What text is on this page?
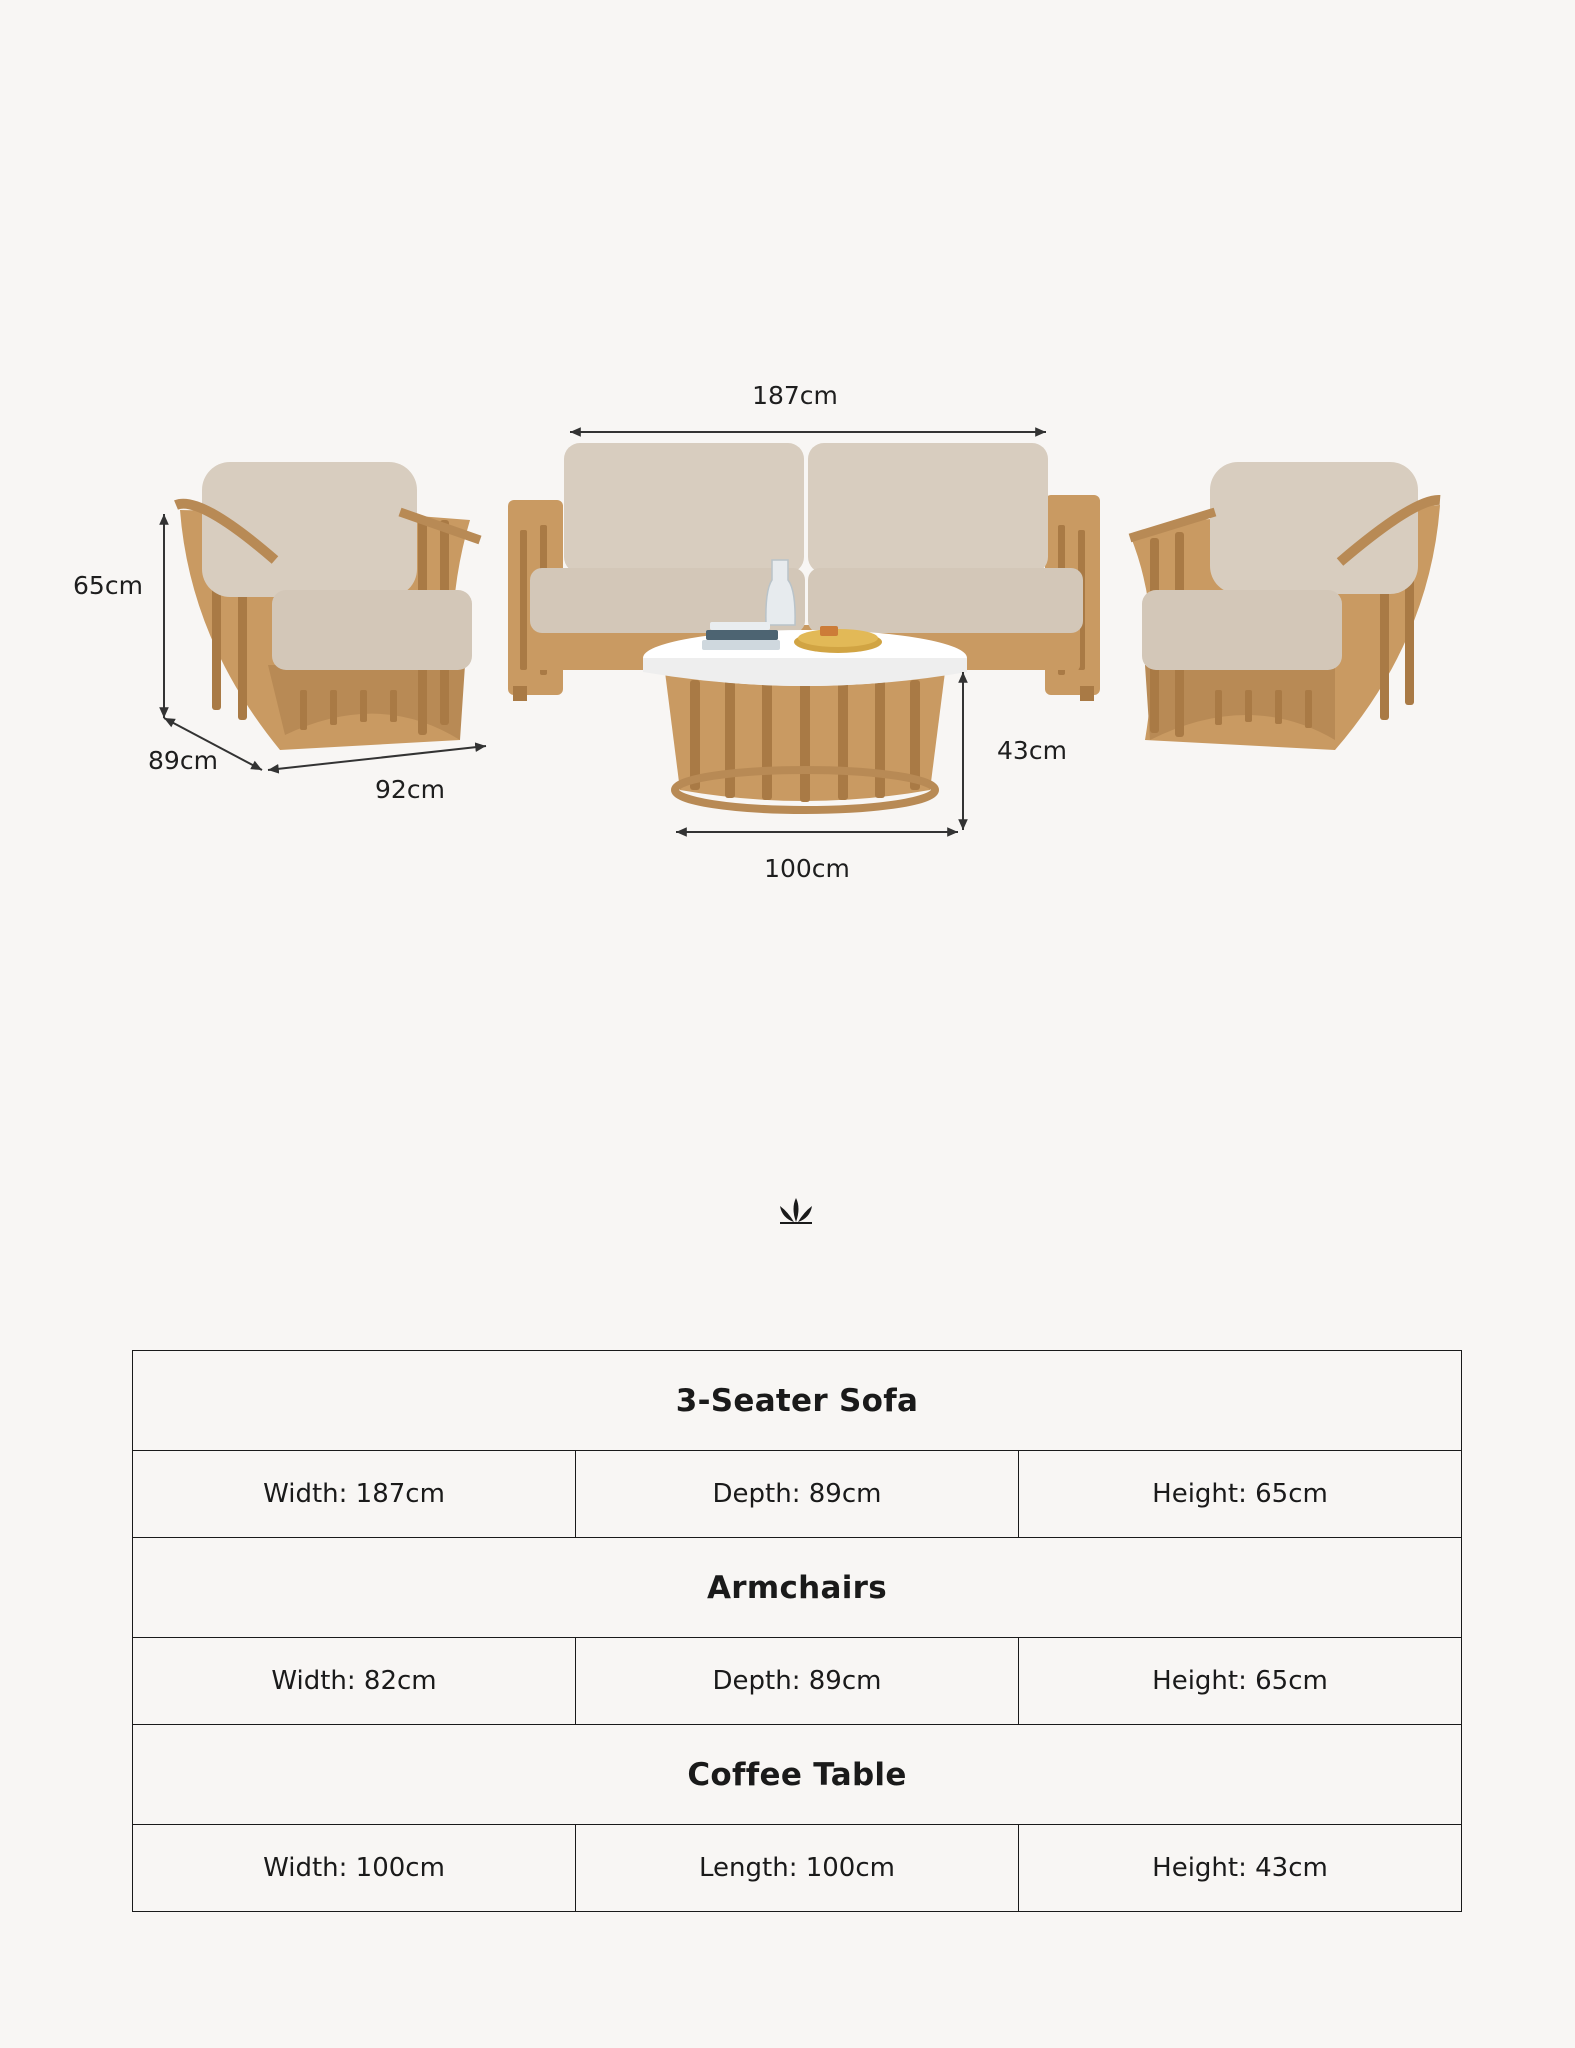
187cm
65cm
89cm
92cm
43cm
100cm
3-Seater Sofa		
Width: 187cm	Depth: 89cm	Height: 65cm
Armchairs		
Width: 82cm	Depth: 89cm	Height: 65cm
Coffee Table		
Width: 100cm	Length: 100cm	Height: 43cm
